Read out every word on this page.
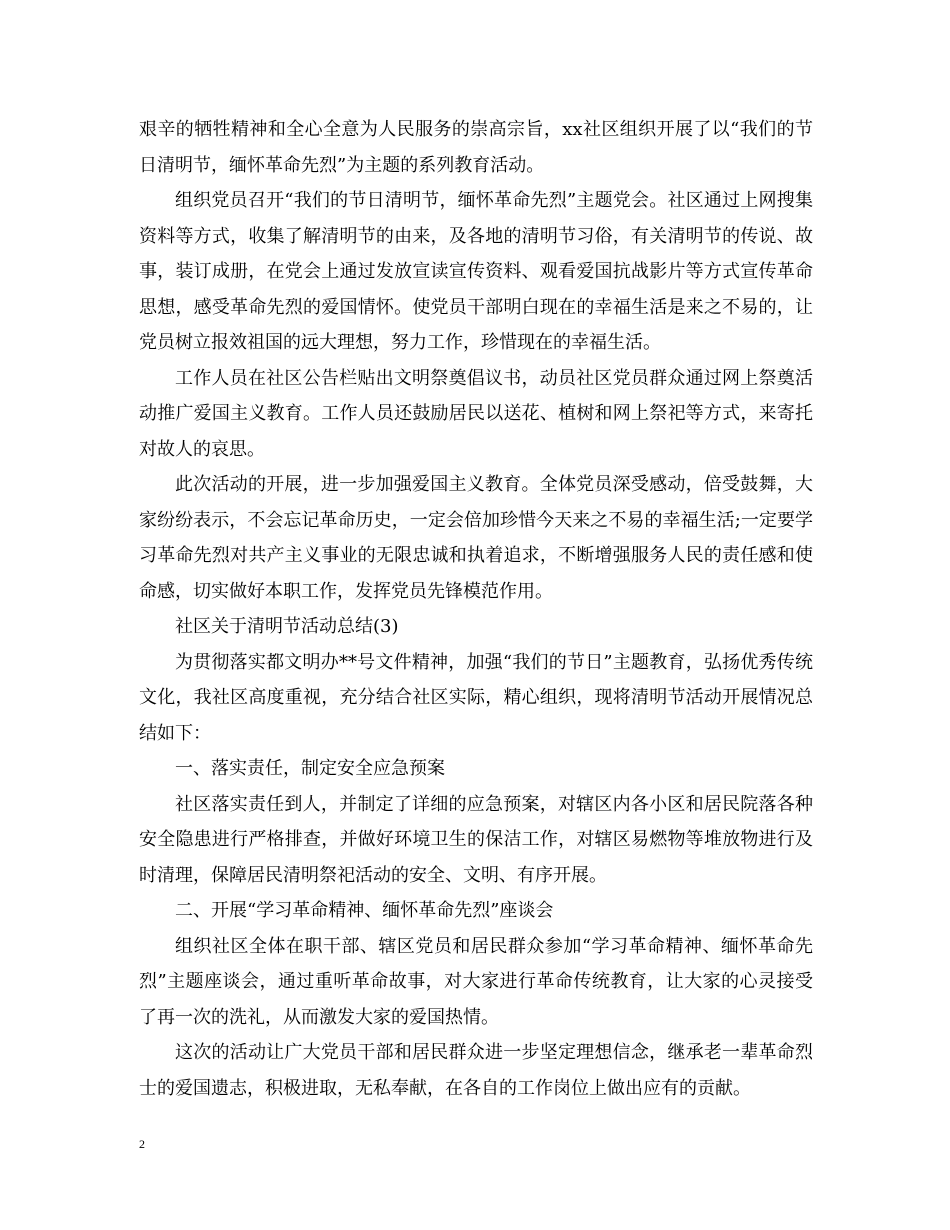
艰辛的牺牲精神和全心全意为人民服务的崇高宗旨，xx社区组织开展了以“我们的节日清明节，缅怀革命先烈”为主题的系列教育活动。

组织党员召开“我们的节日清明节，缅怀革命先烈”主题党会。社区通过上网搜集资料等方式，收集了解清明节的由来，及各地的清明节习俗，有关清明节的传说、故事，装订成册，在党会上通过发放宣读宣传资料、观看爱国抗战影片等方式宣传革命思想，感受革命先烈的爱国情怀。使党员干部明白现在的幸福生活是来之不易的，让党员树立报效祖国的远大理想，努力工作，珍惜现在的幸福生活。

工作人员在社区公告栏贴出文明祭奠倡议书，动员社区党员群众通过网上祭奠活动推广爱国主义教育。工作人员还鼓励居民以送花、植树和网上祭祀等方式，来寄托对故人的哀思。

此次活动的开展，进一步加强爱国主义教育。全体党员深受感动，倍受鼓舞，大家纷纷表示，不会忘记革命历史，一定会倍加珍惜今天来之不易的幸福生活;一定要学习革命先烈对共产主义事业的无限忠诚和执着追求，不断增强服务人民的责任感和使命感，切实做好本职工作，发挥党员先锋模范作用。

社区关于清明节活动总结(3)

为贯彻落实都文明办**号文件精神，加强“我们的节日”主题教育，弘扬优秀传统文化，我社区高度重视，充分结合社区实际，精心组织，现将清明节活动开展情况总结如下：

一、落实责任，制定安全应急预案

社区落实责任到人，并制定了详细的应急预案，对辖区内各小区和居民院落各种安全隐患进行严格排查，并做好环境卫生的保洁工作，对辖区易燃物等堆放物进行及时清理，保障居民清明祭祀活动的安全、文明、有序开展。

二、开展“学习革命精神、缅怀革命先烈”座谈会

组织社区全体在职干部、辖区党员和居民群众参加“学习革命精神、缅怀革命先烈”主题座谈会，通过重听革命故事，对大家进行革命传统教育，让大家的心灵接受了再一次的洗礼，从而激发大家的爱国热情。

这次的活动让广大党员干部和居民群众进一步坚定理想信念，继承老一辈革命烈士的爱国遗志，积极进取，无私奉献，在各自的工作岗位上做出应有的贡献。

2
